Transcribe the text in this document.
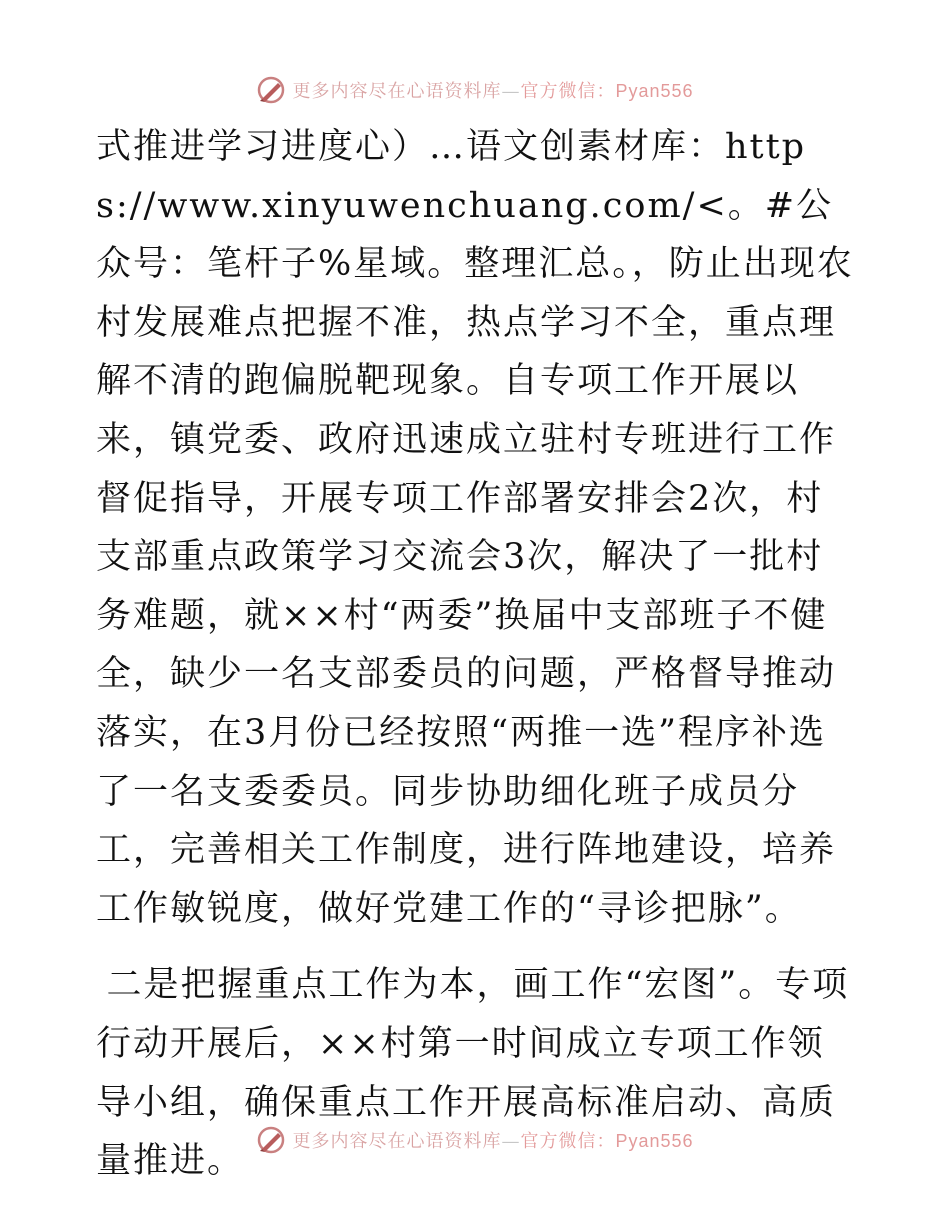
更多内容尽在心语资料库—官方微信：Pyan556

式推进学习进度心）…语文创素材库：https://www.xinyuwenchuang.com/<。#公众号：笔杆子%星域。整理汇总。，防止出现农村发展难点把握不准，热点学习不全，重点理解不清的跑偏脱靶现象。自专项工作开展以来，镇党委、政府迅速成立驻村专班进行工作督促指导，开展专项工作部署安排会2次，村支部重点政策学习交流会3次，解决了一批村务难题，就××村“两委”换届中支部班子不健全，缺少一名支部委员的问题，严格督导推动落实，在3月份已经按照“两推一选”程序补选了一名支委委员。同步协助细化班子成员分工，完善相关工作制度，进行阵地建设，培养工作敏锐度，做好党建工作的“寻诊把脉”。

二是把握重点工作为本，画工作“宏图”。专项行动开展后，××村第一时间成立专项工作领导小组，确保重点工作开展高标准启动、高质量推进。	更多内容尽在心语资料库—官方微信：Pyan556
